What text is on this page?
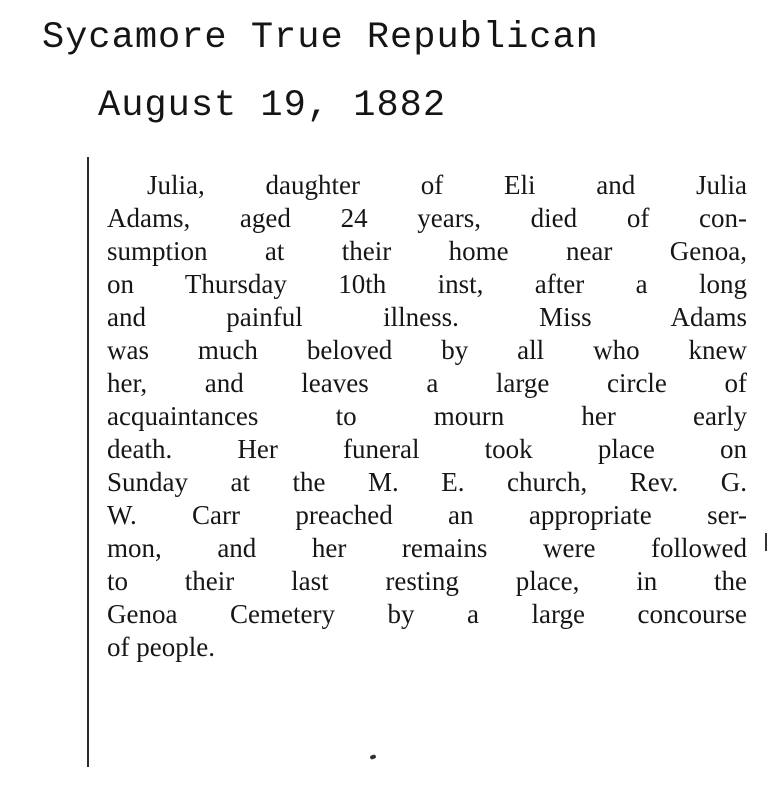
Sycamore True Republican
August 19, 1882
Julia, daughter of Eli and Julia
Adams, aged 24 years, died of con-
sumption at their home near Genoa,
on Thursday 10th inst, after a long
and painful illness. Miss Adams
was much beloved by all who knew
her, and leaves a large circle of
acquaintances to mourn her early
death. Her funeral took place on
Sunday at the M. E. church, Rev. G.
W. Carr preached an appropriate ser-
mon, and her remains were followed
to their last resting place, in the
Genoa Cemetery by a large concourse
of people.
